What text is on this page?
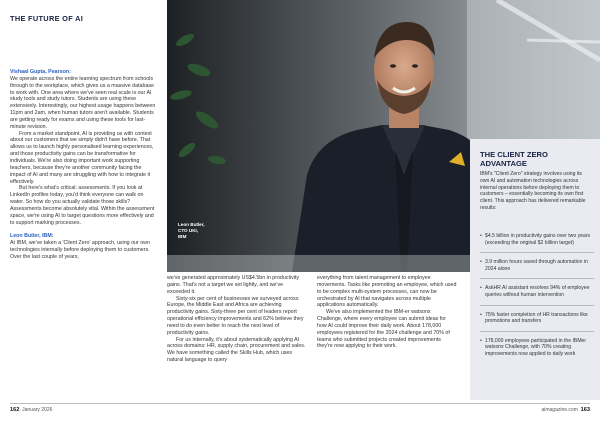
THE FUTURE OF AI
Leon Butler,
CTO UKI,
IBM

Vishaal Gupta, Pearson:

We operate across the entire learning spectrum from schools through to the workplace, which gives us a massive database to work with. One area where we've seen real scale is our AI study tools and study tutors. Students are using these extensively. Interestingly, our highest usage happens between 11pm and 2am, when human tutors aren't available. Students are getting ready for exams and using these tools for last-minute revision.

From a market standpoint, AI is providing us with context about our customers that we simply didn't have before. That allows us to launch highly personalised learning experiences, and those productivity gains can be transformative for individuals. We're also doing important work supporting teachers, because they're another community facing the impact of AI and many are struggling with how to integrate it effectively.

But here's what's critical: assessments. If you look at LinkedIn profiles today, you'd think everyone can walk on water. So how do you actually validate those skills? Assessments become absolutely vital. Within the assessment space, we're using AI to target questions more effectively and to support marking processes.

Leon Butler, IBM:

At IBM, we've taken a 'Client Zero' approach, using our own technologies internally before deploying them to customers. Over the last couple of years,

we've generated approximately US$4.5bn in productivity gains. That's not a target we set lightly, and we've exceeded it.

Sixty-six per cent of businesses we surveyed across Europe, the Middle East and Africa are achieving productivity gains. Sixty-three per cent of leaders report operational efficiency improvements and 62% believe they need to do even better to reach the next level of productivity gains.

For us internally, it's about systematically applying AI across domains: HR, supply chain, procurement and sales. We have something called the Skills Hub, which uses natural language to query

everything from talent management to employee movements. Tasks like promoting an employee, which used to be complex multi-system processes, can now be orchestrated by AI that navigates across multiple applications automatically.

We've also implemented the IBM-er watsonx Challenge, where every employee can submit ideas for how AI could improve their daily work. About 178,000 employees registered for the 2024 challenge and 70% of teams who submitted projects created improvements they're now applying to their work.

THE CLIENT ZERO ADVANTAGE
IBM's "Client Zero" strategy involves using its own AI and automation technologies across internal operations before deploying them to customers – essentially becoming its own first client. This approach has delivered remarkable results:
• $4.5 billion in productivity gains over two years (exceeding the original $2 billion target)
• 3.9 million hours saved through automation in 2024 alone
• AskHR AI assistant resolves 94% of employee queries without human intervention
• 75% faster completion of HR transactions like promotions and transfers
• 178,000 employees participated in the IBMer watsonx Challenge, with 70% creating improvements now applied to daily work
162 January 2026	aimagazine.com 163
